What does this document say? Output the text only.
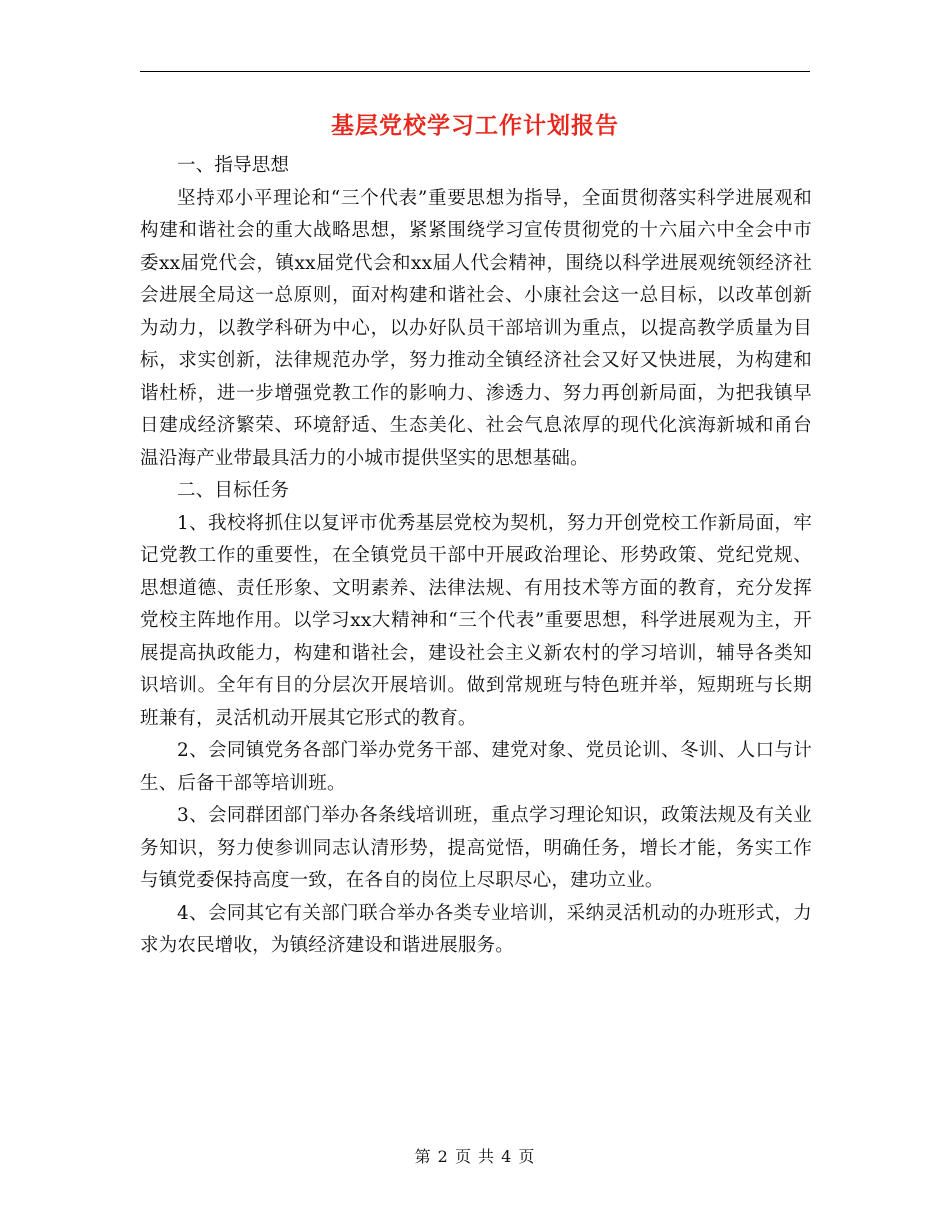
基层党校学习工作计划报告

一、指导思想

坚持邓小平理论和“三个代表”重要思想为指导，全面贯彻落实科学进展观和构建和谐社会的重大战略思想，紧紧围绕学习宣传贯彻党的十六届六中全会中市委xx届党代会，镇xx届党代会和xx届人代会精神，围绕以科学进展观统领经济社会进展全局这一总原则，面对构建和谐社会、小康社会这一总目标，以改革创新为动力，以教学科研为中心，以办好队员干部培训为重点，以提高教学质量为目标，求实创新，法律规范办学，努力推动全镇经济社会又好又快进展，为构建和谐杜桥，进一步增强党教工作的影响力、渗透力、努力再创新局面，为把我镇早日建成经济繁荣、环境舒适、生态美化、社会气息浓厚的现代化滨海新城和甬台温沿海产业带最具活力的小城市提供坚实的思想基础。

二、目标任务

1、我校将抓住以复评市优秀基层党校为契机，努力开创党校工作新局面，牢记党教工作的重要性，在全镇党员干部中开展政治理论、形势政策、党纪党规、思想道德、责任形象、文明素养、法律法规、有用技术等方面的教育，充分发挥党校主阵地作用。以学习xx大精神和“三个代表”重要思想，科学进展观为主，开展提高执政能力，构建和谐社会，建设社会主义新农村的学习培训，辅导各类知识培训。全年有目的分层次开展培训。做到常规班与特色班并举，短期班与长期班兼有，灵活机动开展其它形式的教育。

2、会同镇党务各部门举办党务干部、建党对象、党员论训、冬训、人口与计生、后备干部等培训班。

3、会同群团部门举办各条线培训班，重点学习理论知识，政策法规及有关业务知识，努力使参训同志认清形势，提高觉悟，明确任务，增长才能，务实工作与镇党委保持高度一致，在各自的岗位上尽职尽心，建功立业。

4、会同其它有关部门联合举办各类专业培训，采纳灵活机动的办班形式，力求为农民增收，为镇经济建设和谐进展服务。

第 2 页 共 4 页
